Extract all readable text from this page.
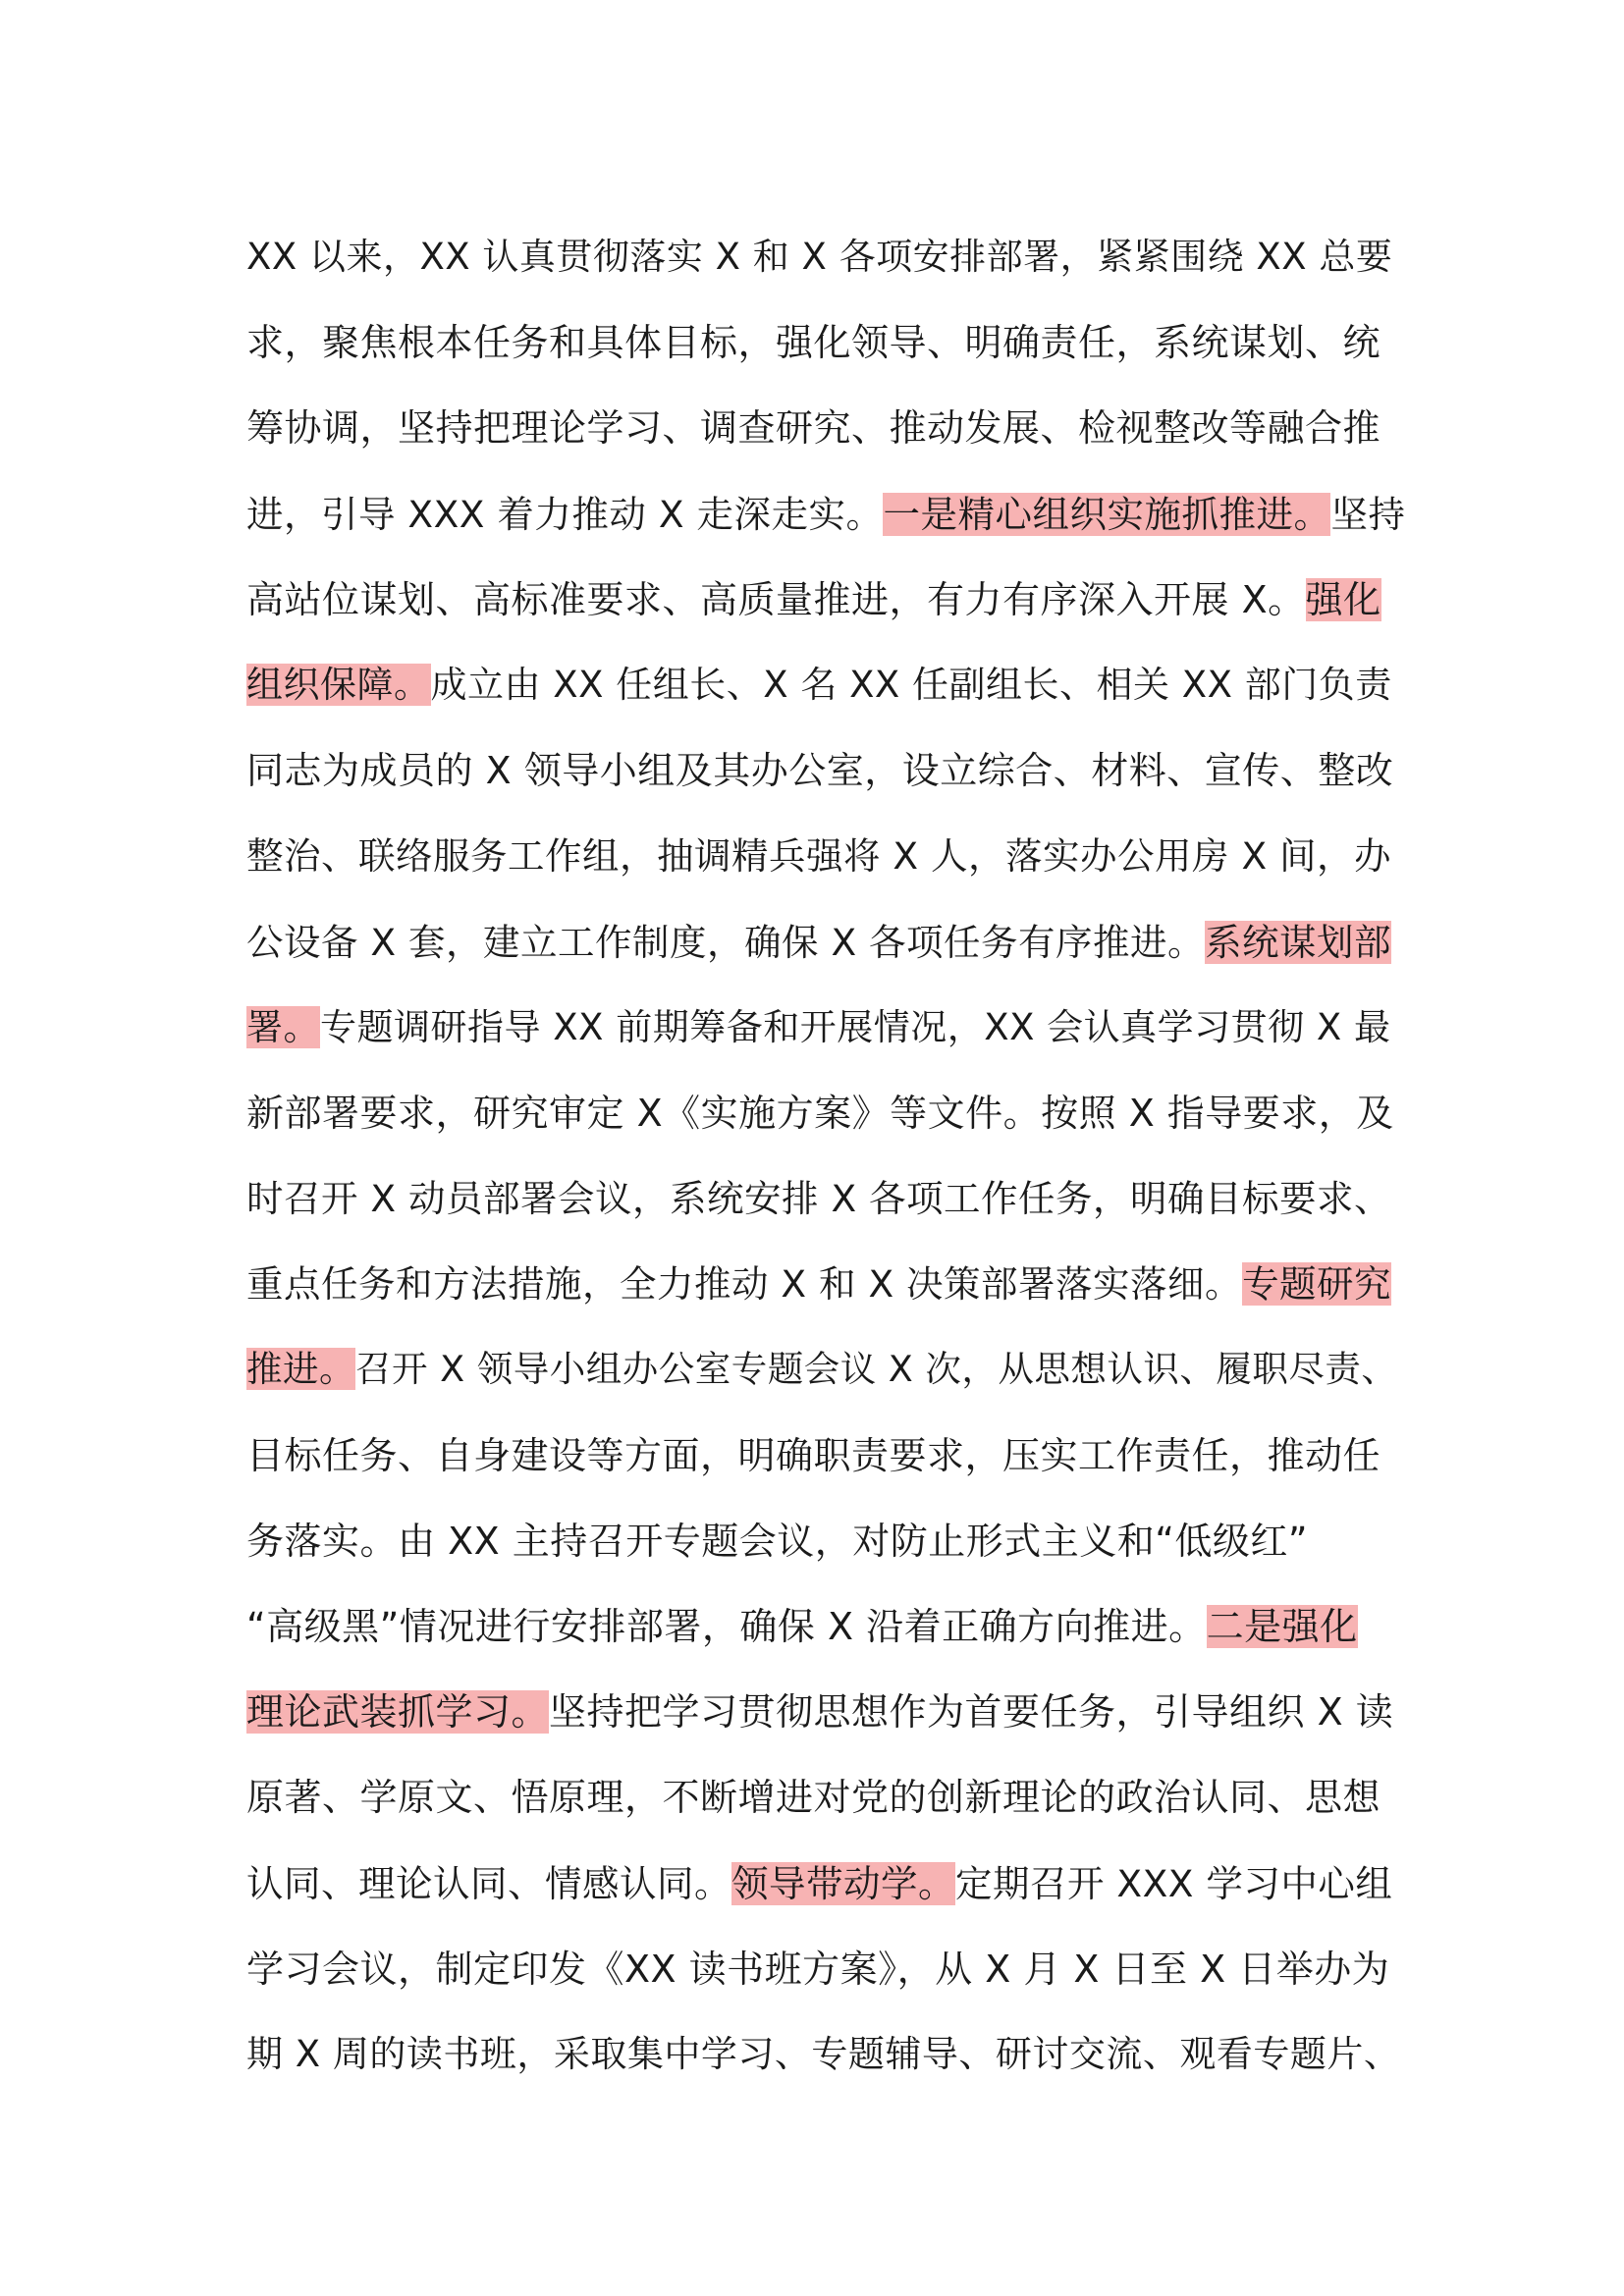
XX 以来，XX 认真贯彻落实 X 和 X 各项安排部署，紧紧围绕 XX 总要
求，聚焦根本任务和具体目标，强化领导、明确责任，系统谋划、统
筹协调，坚持把理论学习、调查研究、推动发展、检视整改等融合推
进，引导 XXX 着力推动 X 走深走实。一是精心组织实施抓推进。坚持
高站位谋划、高标准要求、高质量推进，有力有序深入开展 X。强化
组织保障。成立由 XX 任组长、X 名 XX 任副组长、相关 XX 部门负责
同志为成员的 X 领导小组及其办公室，设立综合、材料、宣传、整改
整治、联络服务工作组，抽调精兵强将 X 人，落实办公用房 X 间，办
公设备 X 套，建立工作制度，确保 X 各项任务有序推进。系统谋划部
署。专题调研指导 XX 前期筹备和开展情况，XX 会认真学习贯彻 X 最
新部署要求，研究审定 X《实施方案》等文件。按照 X 指导要求，及
时召开 X 动员部署会议，系统安排 X 各项工作任务，明确目标要求、
重点任务和方法措施，全力推动 X 和 X 决策部署落实落细。专题研究
推进。召开 X 领导小组办公室专题会议 X 次，从思想认识、履职尽责、
目标任务、自身建设等方面，明确职责要求，压实工作责任，推动任
务落实。由 XX 主持召开专题会议，对防止形式主义和“低级红”
“高级黑”情况进行安排部署，确保 X 沿着正确方向推进。二是强化
理论武装抓学习。坚持把学习贯彻思想作为首要任务，引导组织 X 读
原著、学原文、悟原理，不断增进对党的创新理论的政治认同、思想
认同、理论认同、情感认同。领导带动学。定期召开 XXX 学习中心组
学习会议，制定印发《XX 读书班方案》，从 X 月 X 日至 X 日举办为
期 X 周的读书班，采取集中学习、专题辅导、研讨交流、观看专题片、
